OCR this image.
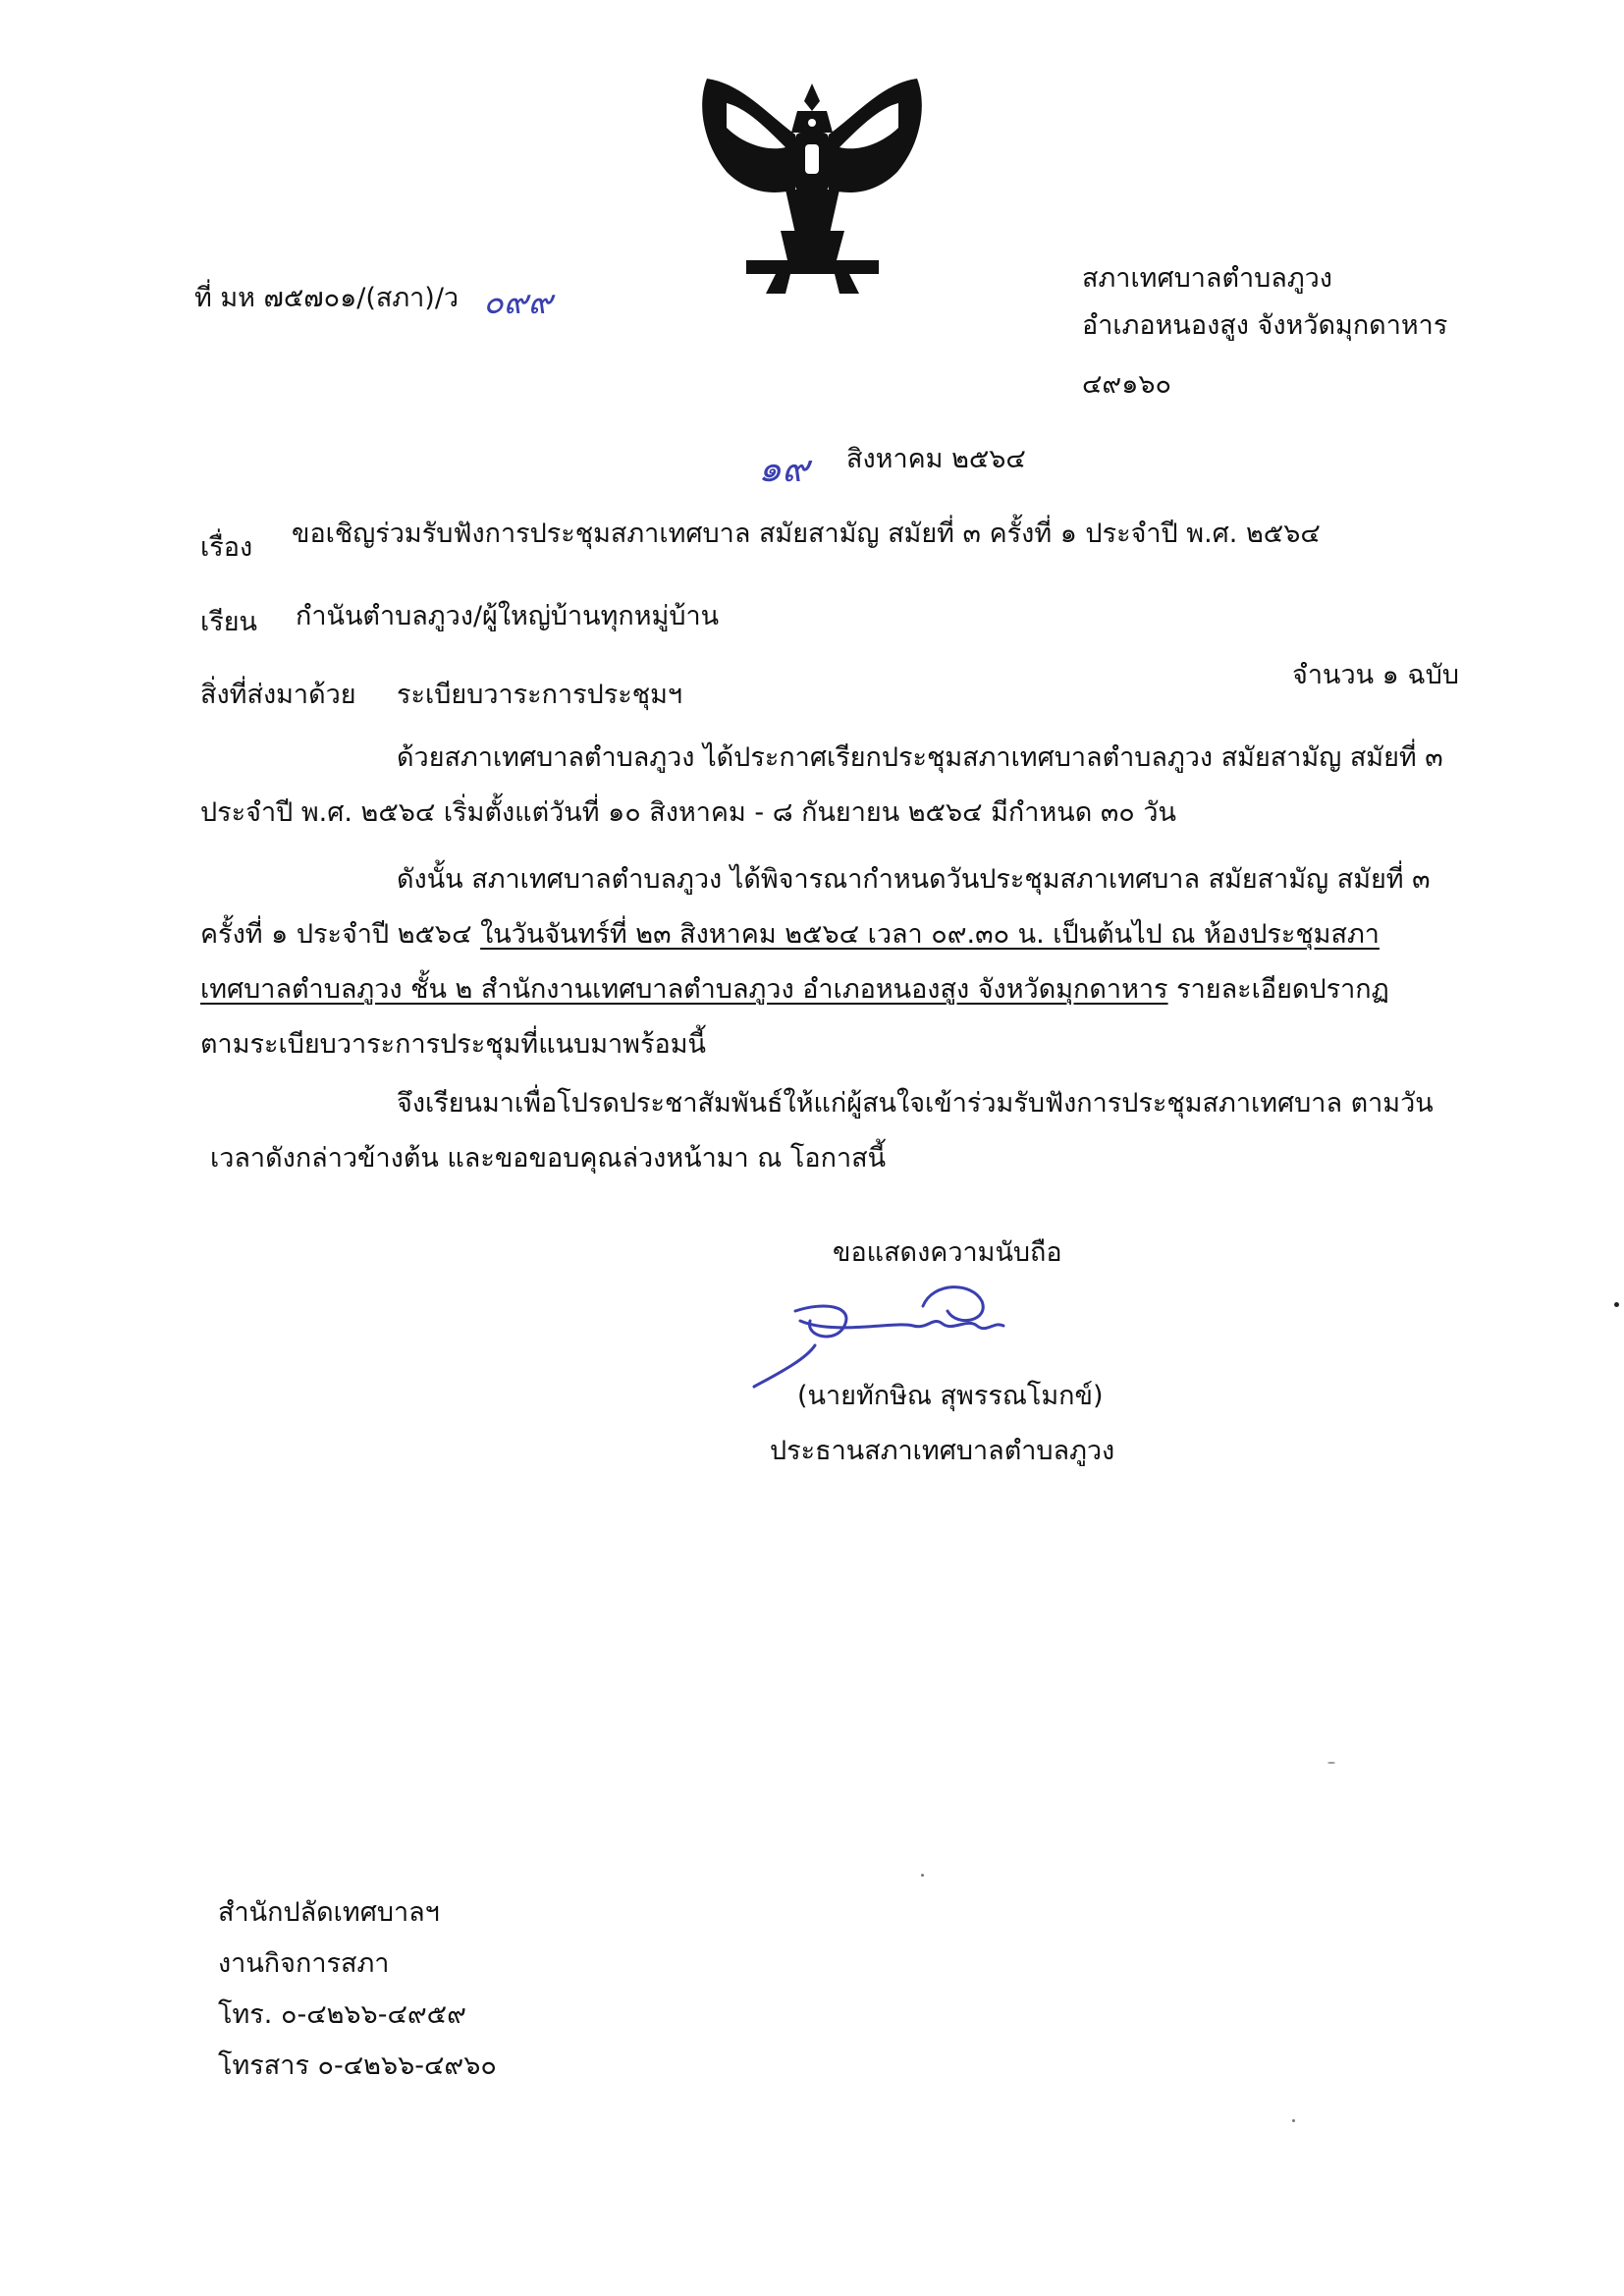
ที่ มห ๗๕๗๐๑/(สภา)/ว ๐๙๙
สภาเทศบาลตำบลภูวง
อำเภอหนองสูง จังหวัดมุกดาหาร
๔๙๑๖๐
๑๙ สิงหาคม ๒๕๖๔
เรื่อง ขอเชิญร่วมรับฟังการประชุมสภาเทศบาล สมัยสามัญ สมัยที่ ๓ ครั้งที่ ๑ ประจำปี พ.ศ. ๒๕๖๔
เรียน กำนันตำบลภูวง/ผู้ใหญ่บ้านทุกหมู่บ้าน
สิ่งที่ส่งมาด้วย ระเบียบวาระการประชุมฯ
จำนวน ๑ ฉบับ
ด้วยสภาเทศบาลตำบลภูวง ได้ประกาศเรียกประชุมสภาเทศบาลตำบลภูวง สมัยสามัญ สมัยที่ ๓
ประจำปี พ.ศ. ๒๕๖๔ เริ่มตั้งแต่วันที่ ๑๐ สิงหาคม - ๘ กันยายน ๒๕๖๔ มีกำหนด ๓๐ วัน
ดังนั้น สภาเทศบาลตำบลภูวง ได้พิจารณากำหนดวันประชุมสภาเทศบาล สมัยสามัญ สมัยที่ ๓
ครั้งที่ ๑ ประจำปี ๒๕๖๔ ในวันจันทร์ที่ ๒๓ สิงหาคม ๒๕๖๔ เวลา ๐๙.๓๐ น. เป็นต้นไป ณ ห้องประชุมสภา
เทศบาลตำบลภูวง ชั้น ๒ สำนักงานเทศบาลตำบลภูวง อำเภอหนองสูง จังหวัดมุกดาหาร รายละเอียดปรากฏ
ตามระเบียบวาระการประชุมที่แนบมาพร้อมนี้
จึงเรียนมาเพื่อโปรดประชาสัมพันธ์ให้แก่ผู้สนใจเข้าร่วมรับฟังการประชุมสภาเทศบาล ตามวัน
เวลาดังกล่าวข้างต้น และขอขอบคุณล่วงหน้ามา ณ โอกาสนี้
ขอแสดงความนับถือ
(นายทักษิณ สุพรรณโมกข์)
ประธานสภาเทศบาลตำบลภูวง
สำนักปลัดเทศบาลฯ
งานกิจการสภา
โทร. ๐-๔๒๖๖-๔๙๕๙
โทรสาร ๐-๔๒๖๖-๔๙๖๐
